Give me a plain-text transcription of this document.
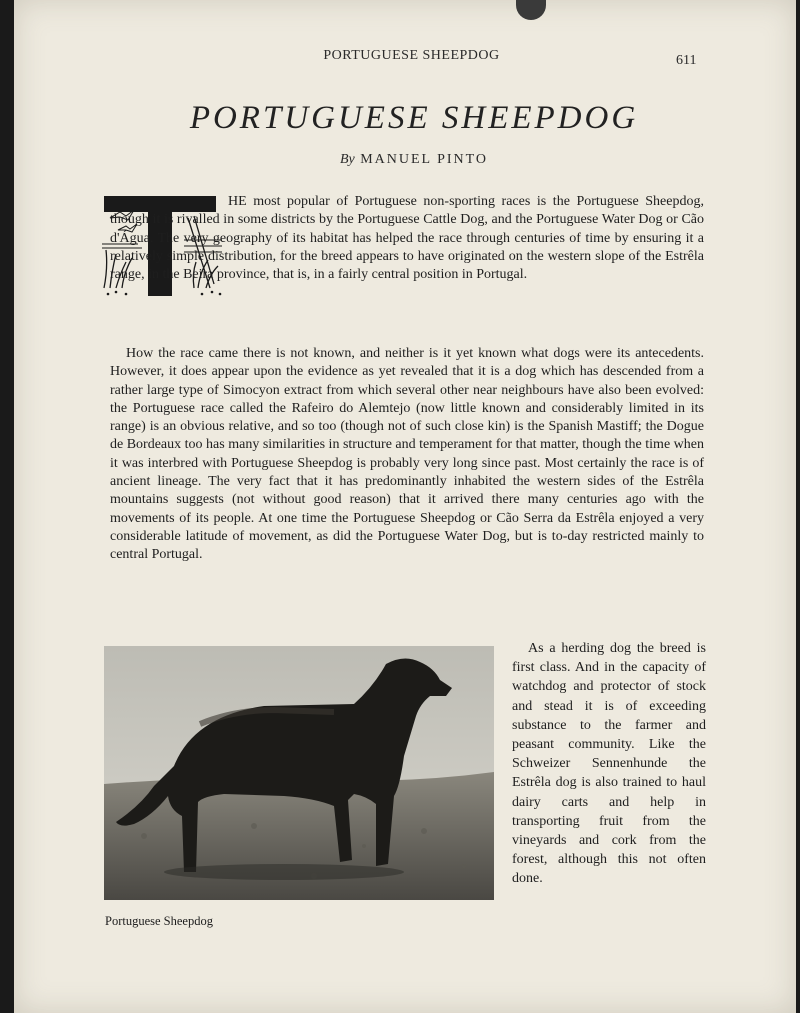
PORTUGUESE SHEEPDOG	611
PORTUGUESE SHEEPDOG
By MANUEL PINTO
HE most popular of Portuguese non-sporting races is the Portuguese Sheepdog, though it is rivalled in some districts by the Portuguese Cattle Dog, and the Portuguese Water Dog or Cão d'Água. The very geography of its habitat has helped the race through centuries of time by ensuring it a relatively simple distribution, for the breed appears to have originated on the western slope of the Estrêla range, in the Beira province, that is, in a fairly central position in Portugal.
How the race came there is not known, and neither is it yet known what dogs were its antecedents. However, it does appear upon the evidence as yet revealed that it is a dog which has descended from a rather large type of Simocyon extract from which several other near neighbours have also been evolved: the Portuguese race called the Rafeiro do Alemtejo (now little known and considerably limited in its range) is an obvious relative, and so too (though not of such close kin) is the Spanish Mastiff; the Dogue de Bordeaux too has many similarities in structure and temperament for that matter, though the time when it was interbred with Portuguese Sheepdog is probably very long since past. Most certainly the race is of ancient lineage. The very fact that it has predominantly inhabited the western sides of the Estrêla mountains suggests (not without good reason) that it arrived there many centuries ago with the movements of its people. At one time the Portuguese Sheepdog or Cão Serra da Estrêla enjoyed a very considerable latitude of movement, as did the Portuguese Water Dog, but is to-day restricted mainly to central Portugal.
Portuguese Sheepdog
As a herding dog the breed is first class. And in the capacity of watchdog and protector of stock and stead it is of exceeding substance to the farmer and peasant community. Like the Schweizer Sennenhunde the Estrêla dog is also trained to haul dairy carts and help in transporting fruit from the vineyards and cork from the forest, although this not often done.
